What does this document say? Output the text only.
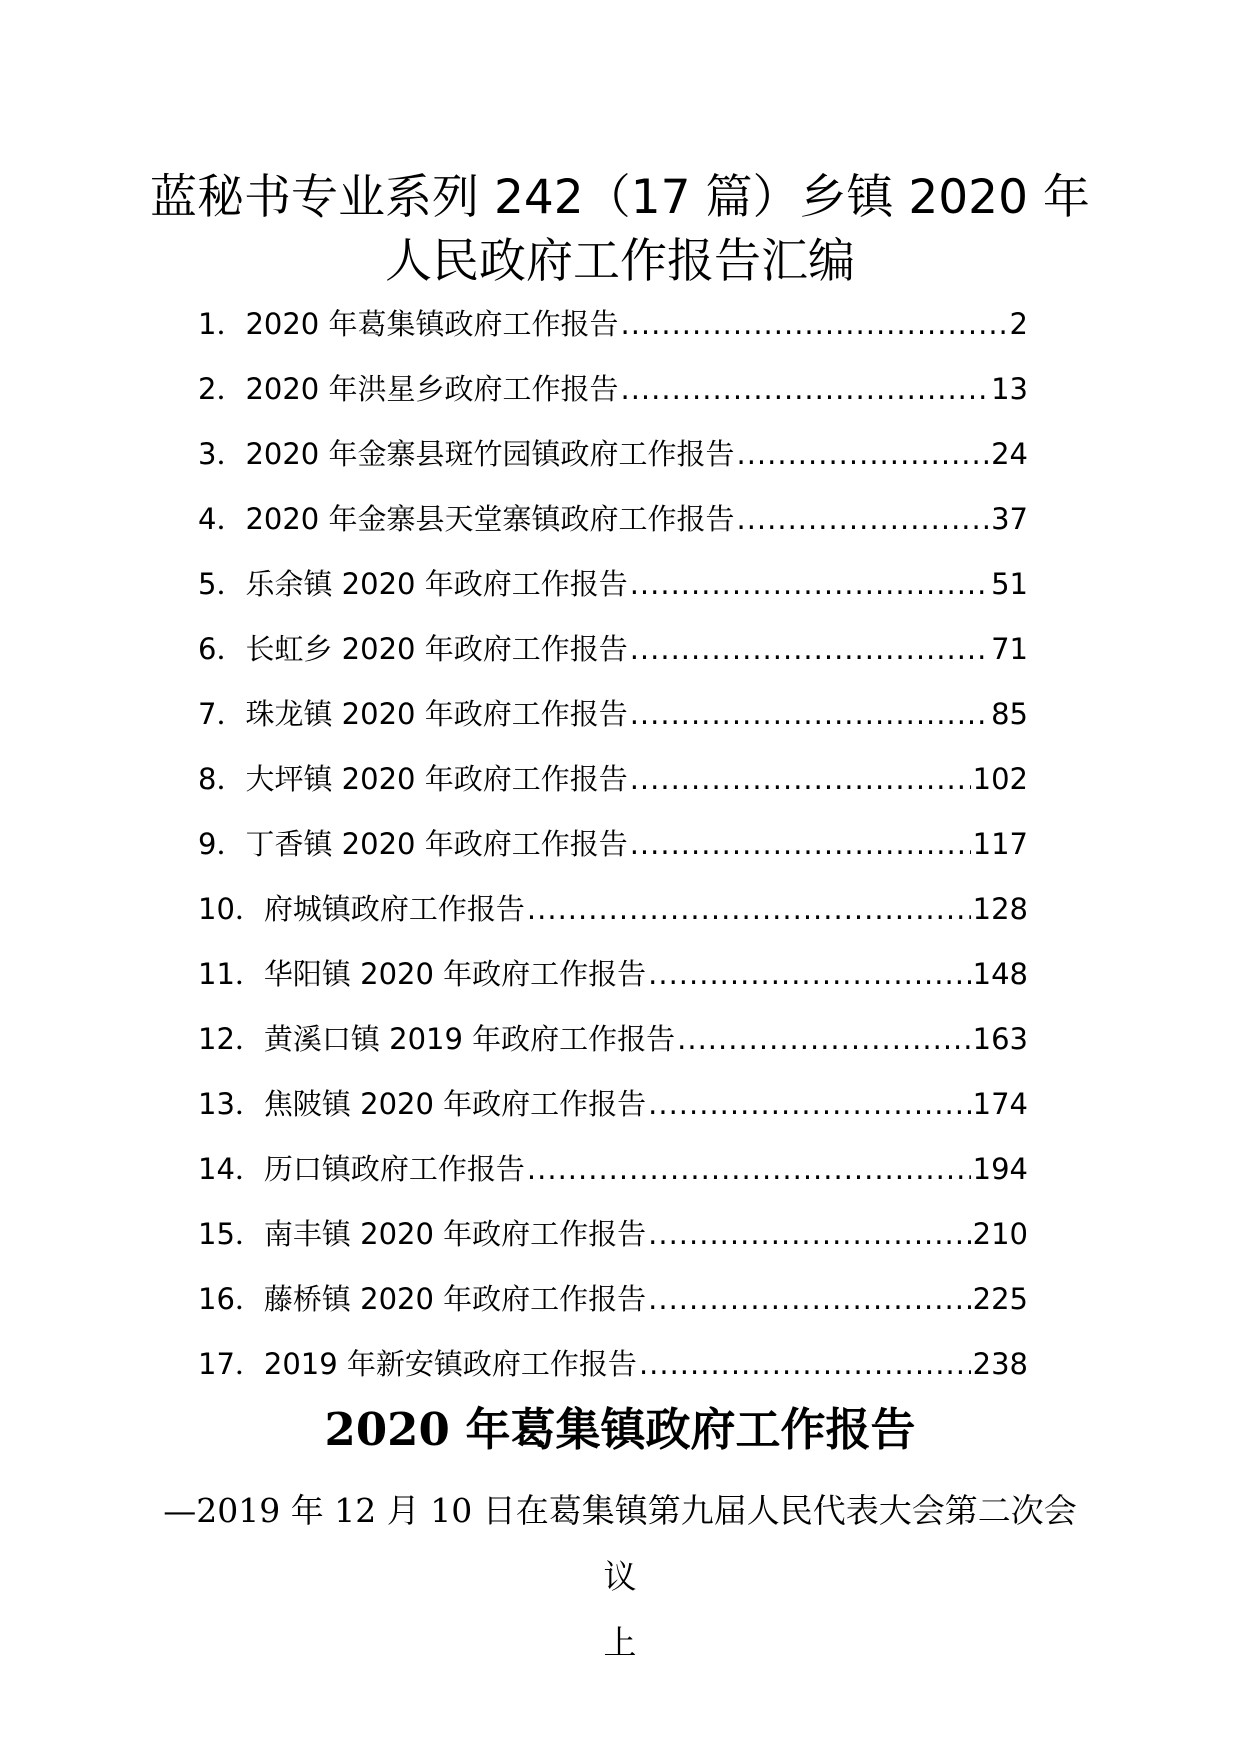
蓝秘书专业系列 242（17 篇）乡镇 2020 年
人民政府工作报告汇编
1． 2020 年葛集镇政府工作报告 .....	2
2． 2020 年洪星乡政府工作报告 .....	13
3． 2020 年金寨县斑竹园镇政府工作报告 .....	24
4． 2020 年金寨县天堂寨镇政府工作报告 .....	37
5． 乐余镇 2020 年政府工作报告 .....	51
6． 长虹乡 2020 年政府工作报告 .....	71
7． 珠龙镇 2020 年政府工作报告 .....	85
8． 大坪镇 2020 年政府工作报告 .....	102
9． 丁香镇 2020 年政府工作报告 .....	117
10． 府城镇政府工作报告 .....	128
11． 华阳镇 2020 年政府工作报告 .....	148
12． 黄溪口镇 2019 年政府工作报告 .....	163
13． 焦陂镇 2020 年政府工作报告 .....	174
14． 历口镇政府工作报告 .....	194
15． 南丰镇 2020 年政府工作报告 .....	210
16． 藤桥镇 2020 年政府工作报告 .....	225
17． 2019 年新安镇政府工作报告 .....	238
2020 年葛集镇政府工作报告

—2019 年 12 月 10 日在葛集镇第九届人民代表大会第二次会议
上
